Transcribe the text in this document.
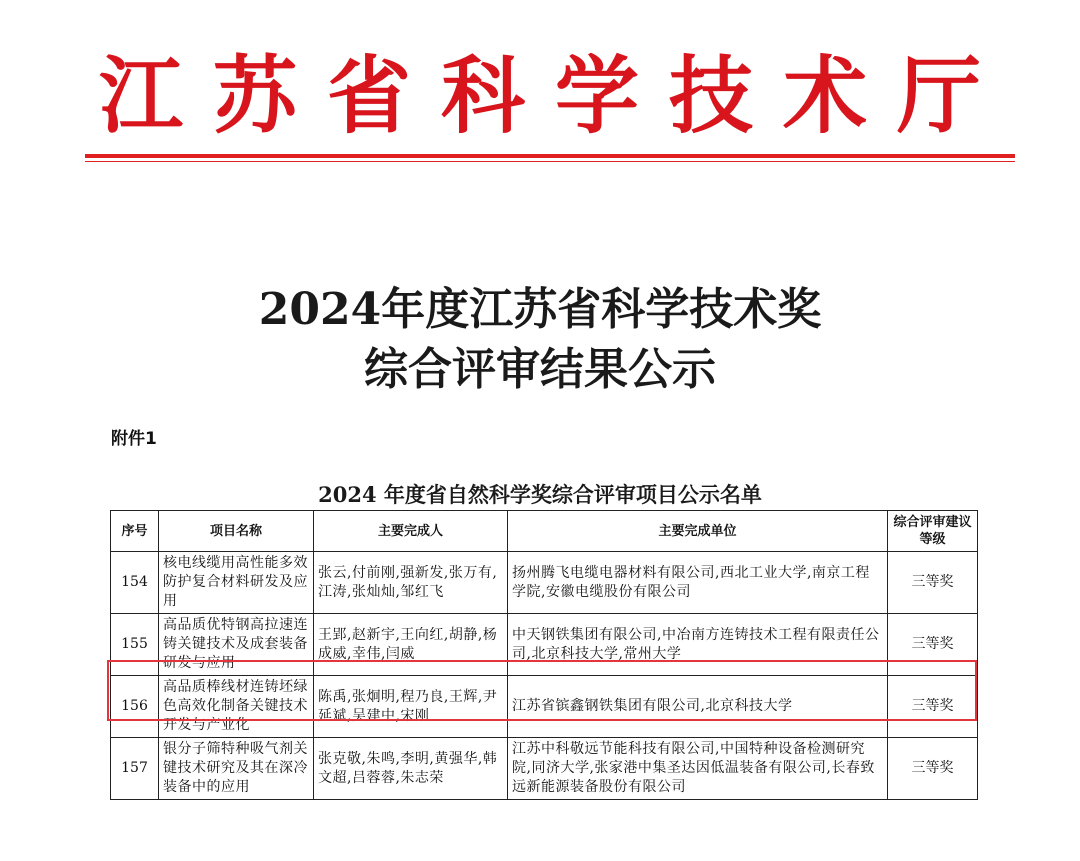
江苏省科学技术厅
2024年度江苏省科学技术奖
综合评审结果公示
附件1
2024 年度省自然科学奖综合评审项目公示名单
序号	项目名称	主要完成人	主要完成单位	综合评审建议等级
154	核电线缆用高性能多效防护复合材料研发及应用	张云,付前刚,强新发,张万有,江涛,张灿灿,邹红飞	扬州腾飞电缆电器材料有限公司,西北工业大学,南京工程学院,安徽电缆股份有限公司	三等奖
155	高品质优特钢高拉速连铸关键技术及成套装备研发与应用	王郢,赵新宇,王向红,胡静,杨成威,幸伟,闫威	中天钢铁集团有限公司,中冶南方连铸技术工程有限责任公司,北京科技大学,常州大学	三等奖
156	高品质棒线材连铸坯绿色高效化制备关键技术开发与产业化	陈禹,张炯明,程乃良,王辉,尹延斌,吴建中,宋刚	江苏省镔鑫钢铁集团有限公司,北京科技大学	三等奖
157	银分子筛特种吸气剂关键技术研究及其在深冷装备中的应用	张克敬,朱鸣,李明,黄强华,韩文超,吕蓉蓉,朱志荣	江苏中科敬远节能科技有限公司,中国特种设备检测研究院,同济大学,张家港中集圣达因低温装备有限公司,长春致远新能源装备股份有限公司	三等奖
